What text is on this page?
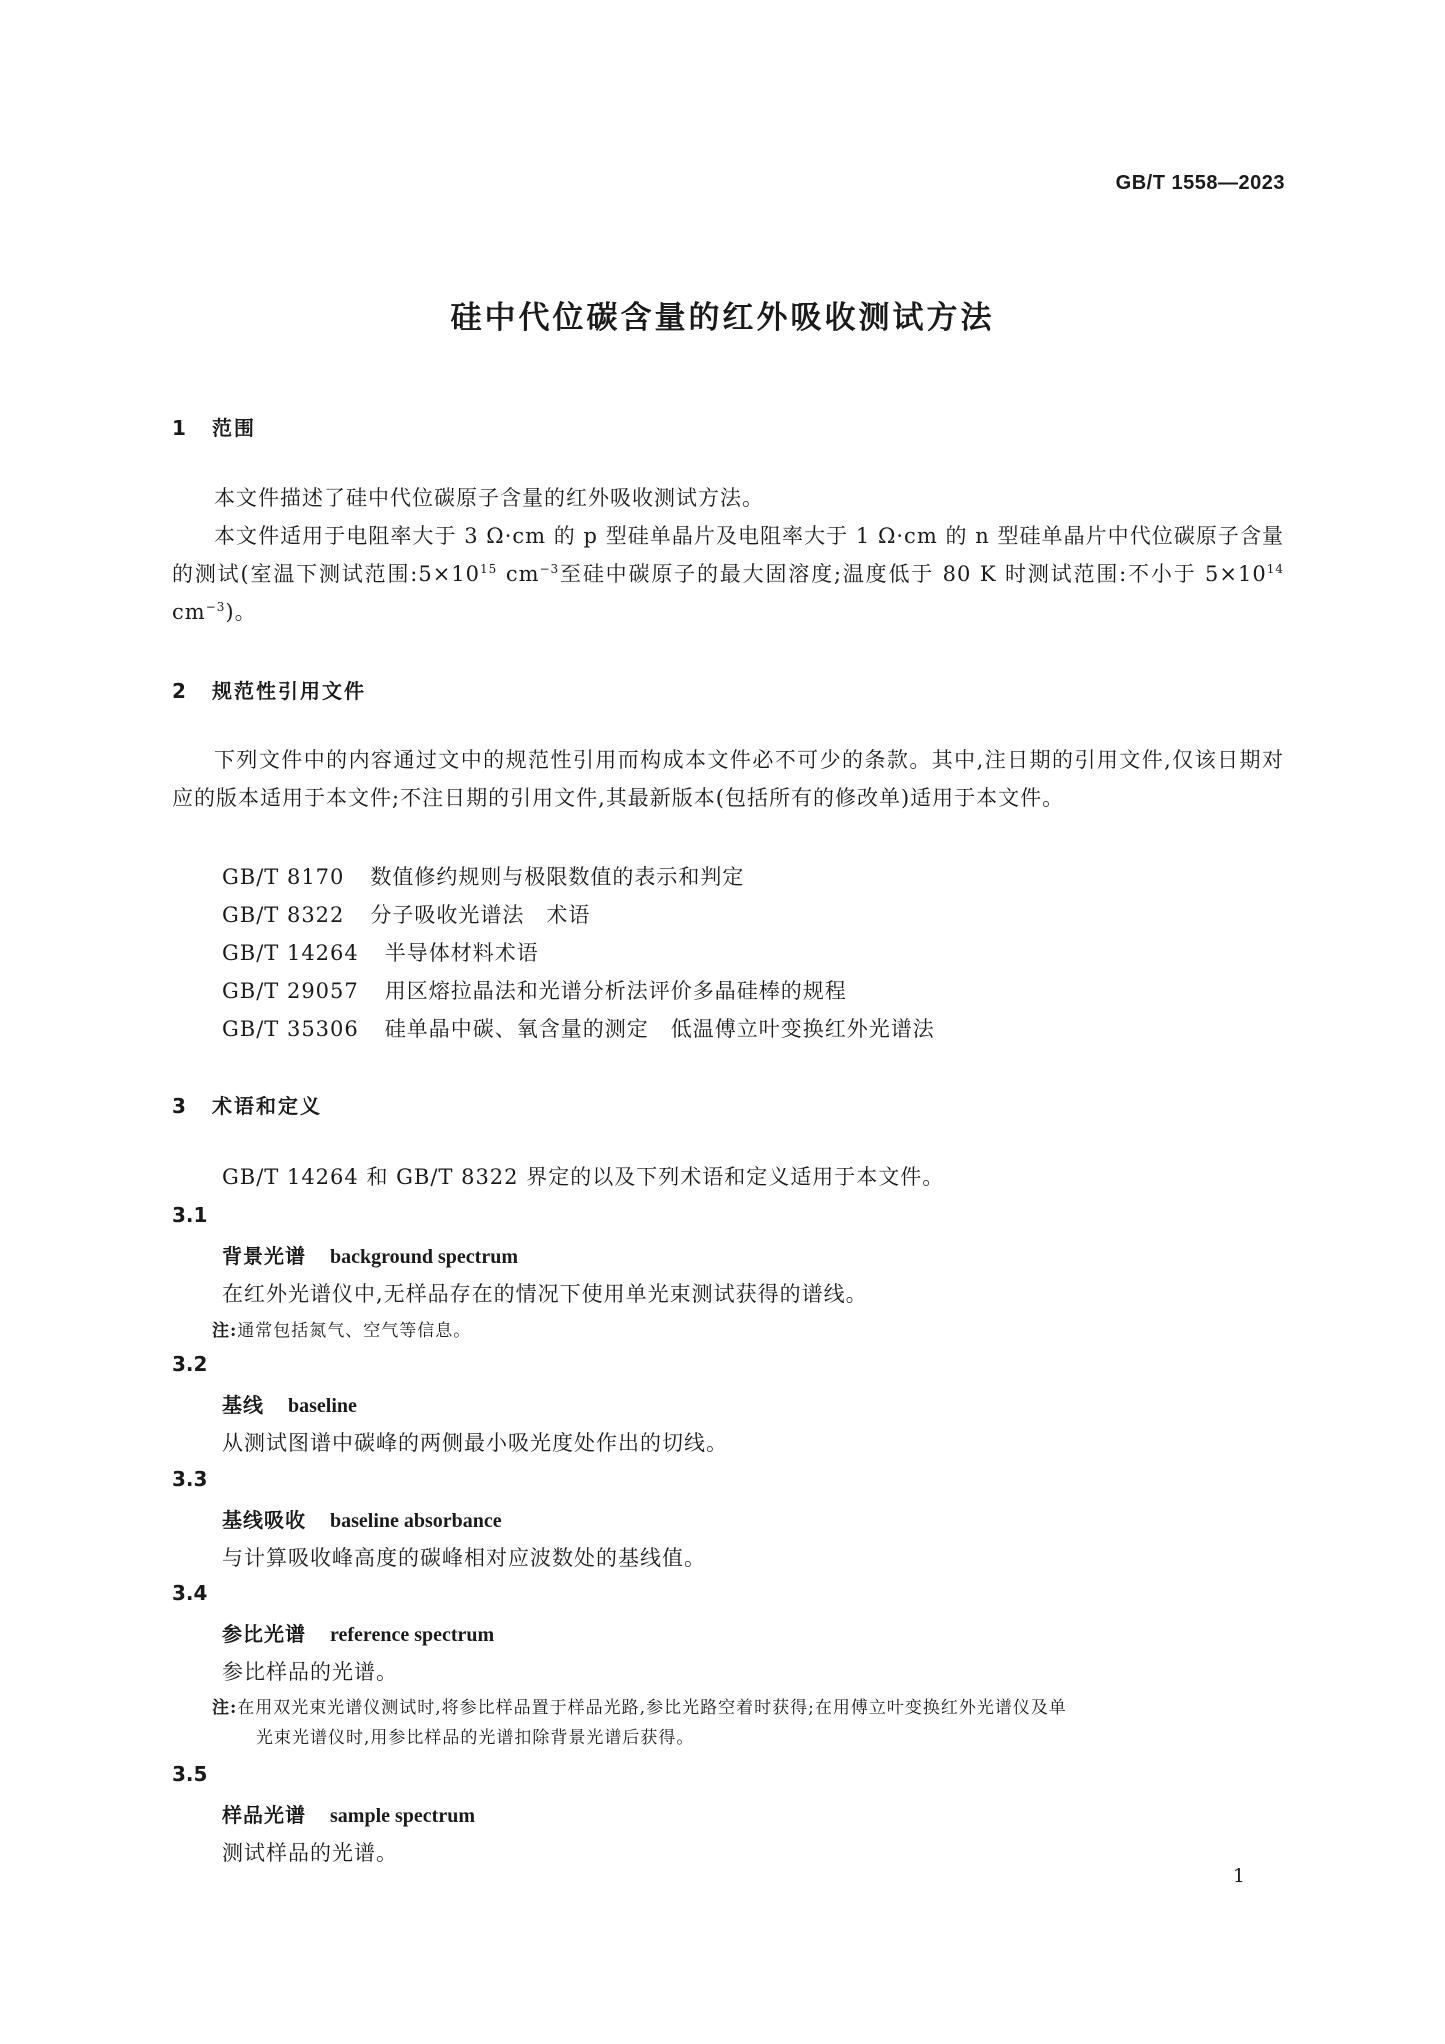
GB/T 1558—2023
硅中代位碳含量的红外吸收测试方法
1 范围

本文件描述了硅中代位碳原子含量的红外吸收测试方法。

本文件适用于电阻率大于 3 Ω·cm 的 p 型硅单晶片及电阻率大于 1 Ω·cm 的 n 型硅单晶片中代位碳原子含量的测试(室温下测试范围$:5\times 10^{15}$ $cm^{-3}$至硅中碳原子的最大固溶度;温度低于 80 K 时测试范围:不小于 $5\times 10^{14}$ $cm^{-3}$)。

2 规范性引用文件

下列文件中的内容通过文中的规范性引用而构成本文件必不可少的条款。其中,注日期的引用文件,仅该日期对应的版本适用于本文件;不注日期的引用文件,其最新版本(包括所有的修改单)适用于本文件。

GB/T 8170 数值修约规则与极限数值的表示和判定
GB/T 8322 分子吸收光谱法　术语
GB/T 14264 半导体材料术语
GB/T 29057 用区熔拉晶法和光谱分析法评价多晶硅棒的规程
GB/T 35306 硅单晶中碳、氧含量的测定　低温傅立叶变换红外光谱法
3 术语和定义
GB/T 14264 和 GB/T 8322 界定的以及下列术语和定义适用于本文件。
3.1
背景光谱 background spectrum
在红外光谱仪中,无样品存在的情况下使用单光束测试获得的谱线。
注:通常包括氮气、空气等信息。
3.2
基线 baseline
从测试图谱中碳峰的两侧最小吸光度处作出的切线。
3.3
基线吸收 baseline absorbance
与计算吸收峰高度的碳峰相对应波数处的基线值。
3.4
参比光谱 reference spectrum
参比样品的光谱。
注:在用双光束光谱仪测试时,将参比样品置于样品光路,参比光路空着时获得;在用傅立叶变换红外光谱仪及单
光束光谱仪时,用参比样品的光谱扣除背景光谱后获得。
3.5
样品光谱 sample spectrum
测试样品的光谱。
1
